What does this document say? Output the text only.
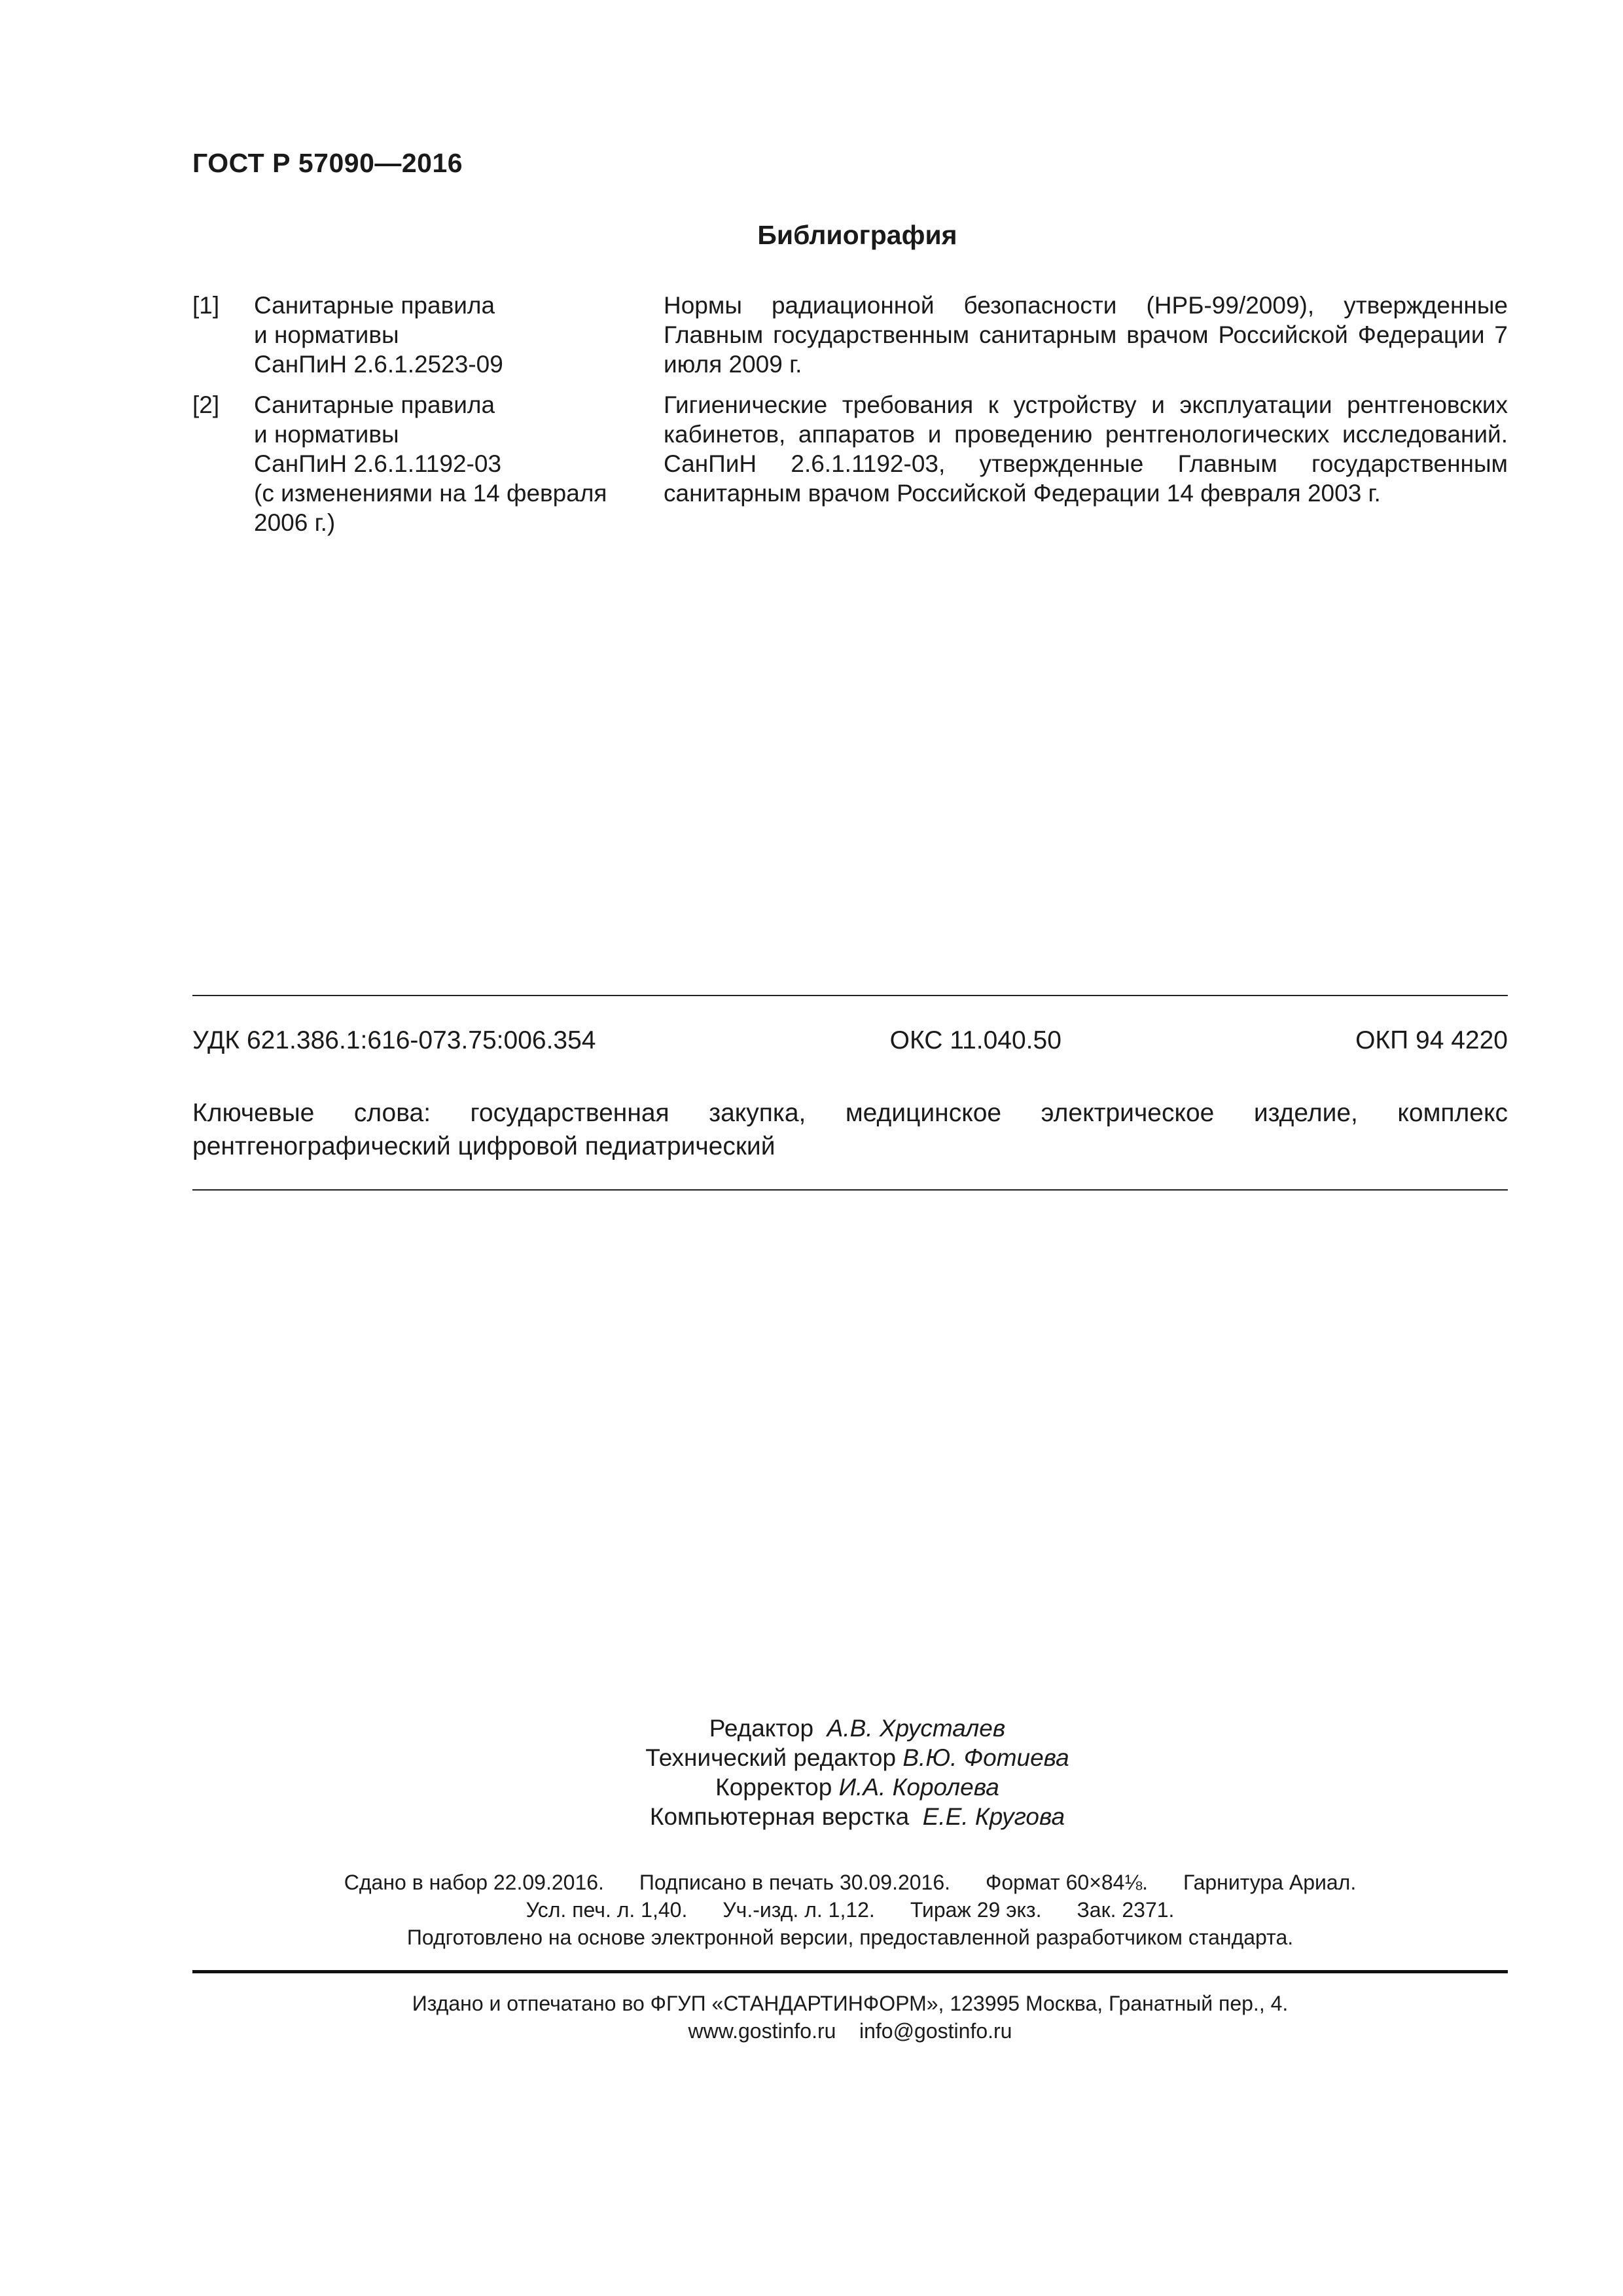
ГОСТ Р 57090—2016
Библиография
[1] Санитарные правила
и нормативы
СанПиН 2.6.1.2523-09
Нормы радиационной безопасности (НРБ-99/2009), утвержденные Главным государственным санитарным врачом Российской Федерации 7 июля 2009 г.
[2] Санитарные правила
и нормативы
СанПиН 2.6.1.1192-03
(с изменениями на 14 февраля
2006 г.)
Гигиенические требования к устройству и эксплуатации рентгеновских кабинетов, аппаратов и проведению рентгенологических исследований. СанПиН 2.6.1.1192-03, утвержденные Главным государственным санитарным врачом Российской Федерации 14 февраля 2003 г.
УДК 621.386.1:616-073.75:006.354	ОКС 11.040.50	ОКП 94 4220
Ключевые слова: государственная закупка, медицинское электрическое изделие, комплекс рентгенографический цифровой педиатрический
Редактор А.В. Хрусталев
Технический редактор В.Ю. Фотиева
Корректор И.А. Королева
Компьютерная верстка Е.Е. Кругова
Сдано в набор 22.09.2016. Подписано в печать 30.09.2016. Формат 60×84⅛. Гарнитура Ариал.
Усл. печ. л. 1,40. Уч.-изд. л. 1,12. Тираж 29 экз. Зак. 2371.
Подготовлено на основе электронной версии, предоставленной разработчиком стандарта.
Издано и отпечатано во ФГУП «СТАНДАРТИНФОРМ», 123995 Москва, Гранатный пер., 4.
www.gostinfo.ru info@gostinfo.ru
